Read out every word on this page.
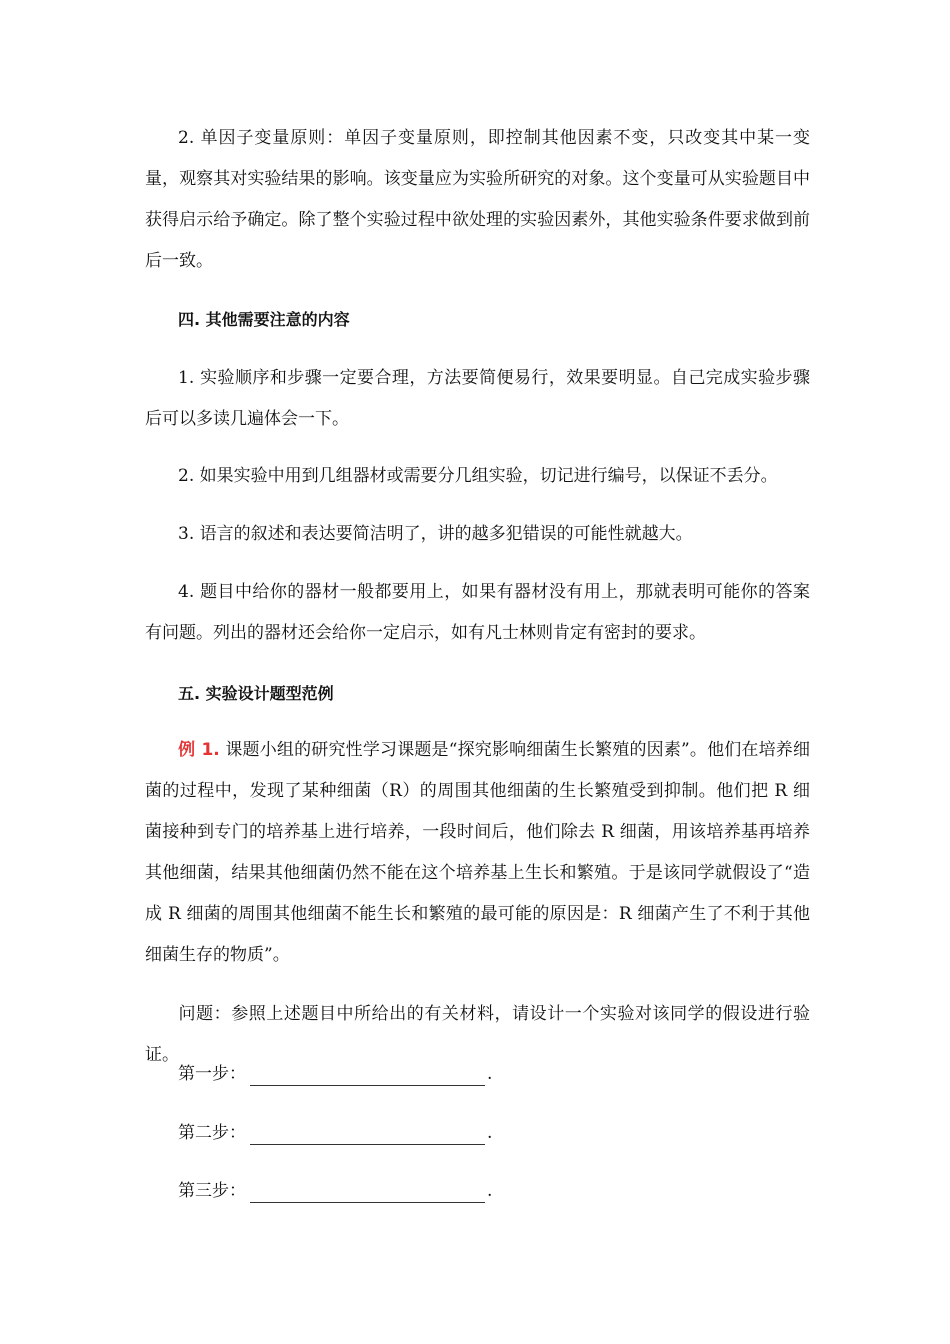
2. 单因子变量原则：单因子变量原则，即控制其他因素不变，只改变其中某一变量，观察其对实验结果的影响。该变量应为实验所研究的对象。这个变量可从实验题目中获得启示给予确定。除了整个实验过程中欲处理的实验因素外，其他实验条件要求做到前后一致。

四. 其他需要注意的内容

1. 实验顺序和步骤一定要合理，方法要简便易行，效果要明显。自己完成实验步骤后可以多读几遍体会一下。

2. 如果实验中用到几组器材或需要分几组实验，切记进行编号，以保证不丢分。

3. 语言的叙述和表达要简洁明了，讲的越多犯错误的可能性就越大。

4. 题目中给你的器材一般都要用上，如果有器材没有用上，那就表明可能你的答案有问题。列出的器材还会给你一定启示，如有凡士林则肯定有密封的要求。

五. 实验设计题型范例

例 1. 课题小组的研究性学习课题是“探究影响细菌生长繁殖的因素”。他们在培养细菌的过程中，发现了某种细菌（R）的周围其他细菌的生长繁殖受到抑制。他们把 R 细菌接种到专门的培养基上进行培养，一段时间后，他们除去 R 细菌，用该培养基再培养其他细菌，结果其他细菌仍然不能在这个培养基上生长和繁殖。于是该同学就假设了“造成 R 细菌的周围其他细菌不能生长和繁殖的最可能的原因是：R 细菌产生了不利于其他细菌生存的物质”。

问题：参照上述题目中所给出的有关材料，请设计一个实验对该同学的假设进行验证。

第一步：	.

第二步：	.

第三步：	.
